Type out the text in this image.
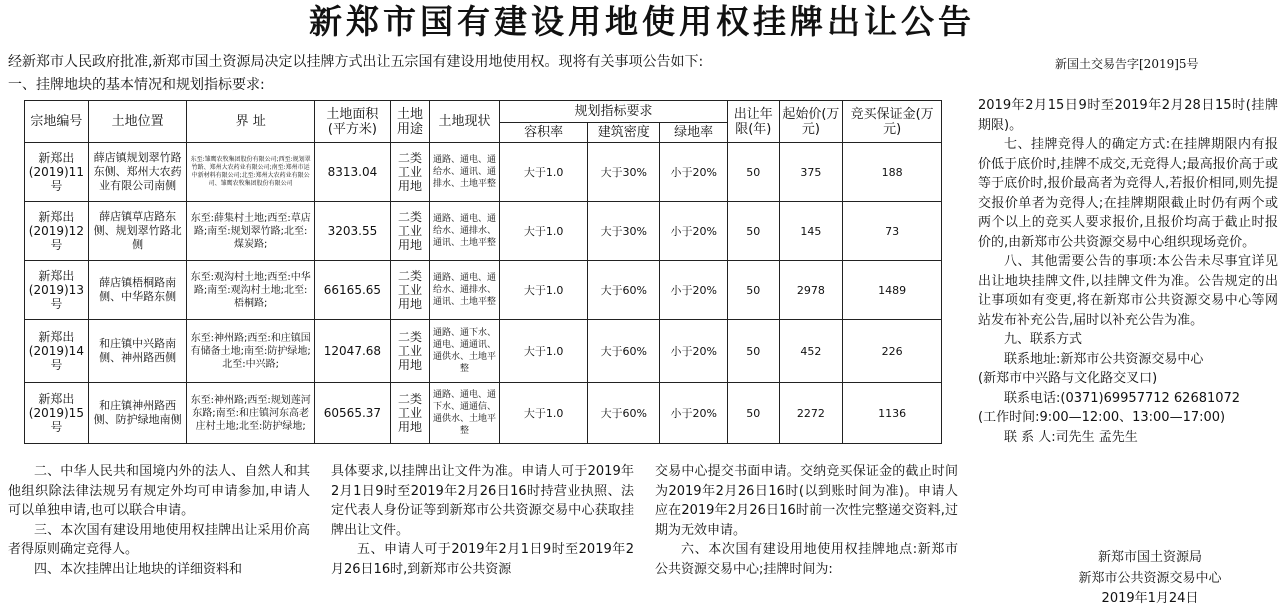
新郑市国有建设用地使用权挂牌出让公告
经新郑市人民政府批准,新郑市国土资源局决定以挂牌方式出让五宗国有建设用地使用权。现将有关事项公告如下:
一、挂牌地块的基本情况和规划指标要求:
新国土交易告字[2019]5号
宗地编号	土地位置	界 址	土地面积
(平方米)	土地用途	土地现状	规划指标要求			出让年限(年)	起始价(万元)	竞买保证金(万元)
						容积率	建筑密度	绿地率			
新郑出(2019)11号	薛店镇规划翠竹路东侧、郑州大农药业有限公司南侧	东至:雏鹰农牧集团股份有限公司;西至:规划翠竹路、郑州大农药业有限公司;南至:郑州市运中新材料有限公司;北至:郑州大农药业有限公司、雏鹰农牧集团股份有限公司	8313.04	二类工业用地	通路、通电、通给水、通讯、通排水、土地平整	大于1.0	大于30%	小于20%	50	375	188
新郑出(2019)12号	薛店镇草店路东侧、规划翠竹路北侧	东至:薛集村土地;西至:草店路;南至:规划翠竹路;北至:煤炭路;	3203.55	二类工业用地	通路、通电、通给水、通排水、通讯、土地平整	大于1.0	大于30%	小于20%	50	145	73
新郑出(2019)13号	薛店镇梧桐路南侧、中华路东侧	东至:观沟村土地;西至:中华路;南至:观沟村土地;北至:梧桐路;	66165.65	二类工业用地	通路、通电、通给水、通排水、通讯、土地平整	大于1.0	大于60%	小于20%	50	2978	1489
新郑出(2019)14号	和庄镇中兴路南侧、神州路西侧	东至:神州路;西至:和庄镇国有储备土地;南至:防护绿地;北至:中兴路;	12047.68	二类工业用地	通路、通下水、通电、通通讯、通供水、土地平整	大于1.0	大于60%	小于20%	50	452	226
新郑出(2019)15号	和庄镇神州路西侧、防护绿地南侧	东至:神州路;西至:规划莲河东路;南至:和庄镇河东高老庄村土地;北至:防护绿地;	60565.37	二类工业用地	通路、通电、通下水、通通信、通供水、土地平整	大于1.0	大于60%	小于20%	50	2272	1136

2019年2月15日9时至2019年2月28日15时(挂牌期限)。

七、挂牌竞得人的确定方式:在挂牌期限内有报价低于底价时,挂牌不成交,无竞得人;最高报价高于或等于底价时,报价最高者为竞得人,若报价相同,则先提交报价单者为竞得人;在挂牌期限截止时仍有两个或两个以上的竞买人要求报价,且报价均高于截止时报价的,由新郑市公共资源交易中心组织现场竞价。

八、其他需要公告的事项:本公告未尽事宜详见出让地块挂牌文件,以挂牌文件为准。公告规定的出让事项如有变更,将在新郑市公共资源交易中心等网站发布补充公告,届时以补充公告为准。

九、联系方式

联系地址:新郑市公共资源交易中心

(新郑市中兴路与文化路交叉口)

联系电话:(0371)69957712 62681072

(工作时间:9:00—12:00、13:00—17:00)

联 系 人:司先生 孟先生

新郑市国土资源局
新郑市公共资源交易中心
2019年1月24日

二、中华人民共和国境内外的法人、自然人和其他组织除法律法规另有规定外均可申请参加,申请人可以单独申请,也可以联合申请。

三、本次国有建设用地使用权挂牌出让采用价高者得原则确定竞得人。

四、本次挂牌出让地块的详细资料和

具体要求,以挂牌出让文件为准。申请人可于2019年2月1日9时至2019年2月26日16时持营业执照、法定代表人身份证等到新郑市公共资源交易中心获取挂牌出让文件。

五、申请人可于2019年2月1日9时至2019年2月26日16时,到新郑市公共资源

交易中心提交书面申请。交纳竞买保证金的截止时间为2019年2月26日16时(以到账时间为准)。申请人应在2019年2月26日16时前一次性完整递交资料,过期为无效申请。

六、本次国有建设用地使用权挂牌地点:新郑市公共资源交易中心;挂牌时间为:
